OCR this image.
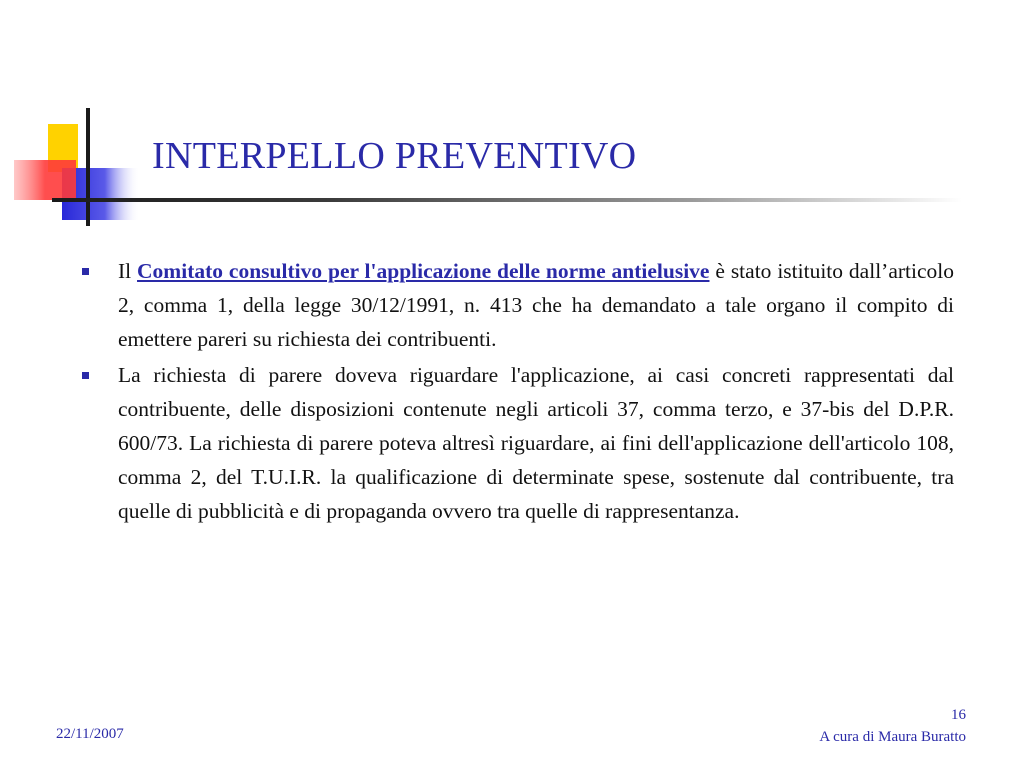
INTERPELLO PREVENTIVO
Il Comitato consultivo per l'applicazione delle norme antielusive è stato istituito dall’articolo 2, comma 1, della legge 30/12/1991, n. 413 che ha demandato a tale organo il compito di emettere pareri su richiesta dei contribuenti.
La richiesta di parere doveva riguardare l'applicazione, ai casi concreti rappresentati dal contribuente, delle disposizioni contenute negli articoli 37, comma terzo, e 37-bis del D.P.R. 600/73. La richiesta di parere poteva altresì riguardare, ai fini dell'applicazione dell'articolo 108, comma 2, del T.U.I.R. la qualificazione di determinate spese, sostenute dal contribuente, tra quelle di pubblicità e di propaganda ovvero tra quelle di rappresentanza.
22/11/2007
16
A cura di Maura Buratto
